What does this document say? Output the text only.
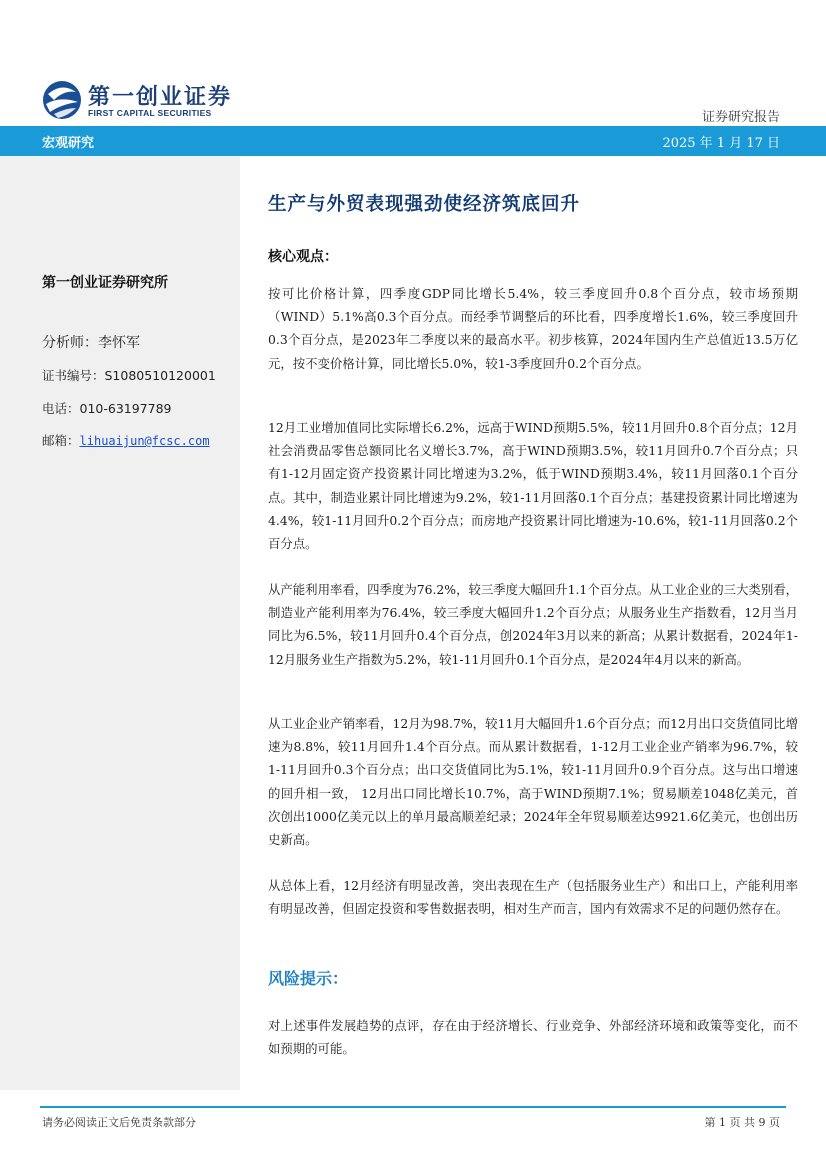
第一创业证券
FIRST CAPITAL SECURITIES	证券研究报告
宏观研究	2025 年 1 月 17 日
第一创业证券研究所
分析师：李怀军
证书编号：S1080510120001
电话：010-63197789
邮箱：lihuaijun@fcsc.com
生产与外贸表现强劲使经济筑底回升
核心观点：
按可比价格计算，四季度GDP同比增长5.4%，较三季度回升0.8个百分点，较市场预期（WIND）5.1%高0.3个百分点。而经季节调整后的环比看，四季度增长1.6%，较三季度回升0.3个百分点，是2023年二季度以来的最高水平。初步核算，2024年国内生产总值近13.5万亿元，按不变价格计算，同比增长5.0%，较1-3季度回升0.2个百分点。
12月工业增加值同比实际增长6.2%，远高于WIND预期5.5%，较11月回升0.8个百分点；12月社会消费品零售总额同比名义增长3.7%，高于WIND预期3.5%，较11月回升0.7个百分点；只有1-12月固定资产投资累计同比增速为3.2%，低于WIND预期3.4%，较11月回落0.1个百分点。其中，制造业累计同比增速为9.2%，较1-11月回落0.1个百分点；基建投资累计同比增速为4.4%，较1-11月回升0.2个百分点；而房地产投资累计同比增速为-10.6%，较1-11月回落0.2个百分点。
从产能利用率看，四季度为76.2%，较三季度大幅回升1.1个百分点。从工业企业的三大类别看，制造业产能利用率为76.4%，较三季度大幅回升1.2个百分点；从服务业生产指数看，12月当月同比为6.5%，较11月回升0.4个百分点，创2024年3月以来的新高；从累计数据看，2024年1-12月服务业生产指数为5.2%，较1-11月回升0.1个百分点，是2024年4月以来的新高。
从工业企业产销率看，12月为98.7%，较11月大幅回升1.6个百分点；而12月出口交货值同比增速为8.8%，较11月回升1.4个百分点。而从累计数据看，1-12月工业企业产销率为96.7%，较1-11月回升0.3个百分点；出口交货值同比为5.1%，较1-11月回升0.9个百分点。这与出口增速的回升相一致， 12月出口同比增长10.7%，高于WIND预期7.1%；贸易顺差1048亿美元，首次创出1000亿美元以上的单月最高顺差纪录；2024年全年贸易顺差达9921.6亿美元，也创出历史新高。
从总体上看，12月经济有明显改善，突出表现在生产（包括服务业生产）和出口上，产能利用率有明显改善，但固定投资和零售数据表明，相对生产而言，国内有效需求不足的问题仍然存在。
风险提示：
对上述事件发展趋势的点评，存在由于经济增长、行业竞争、外部经济环境和政策等变化，而不如预期的可能。
请务必阅读正文后免责条款部分	第 1 页 共 9 页
